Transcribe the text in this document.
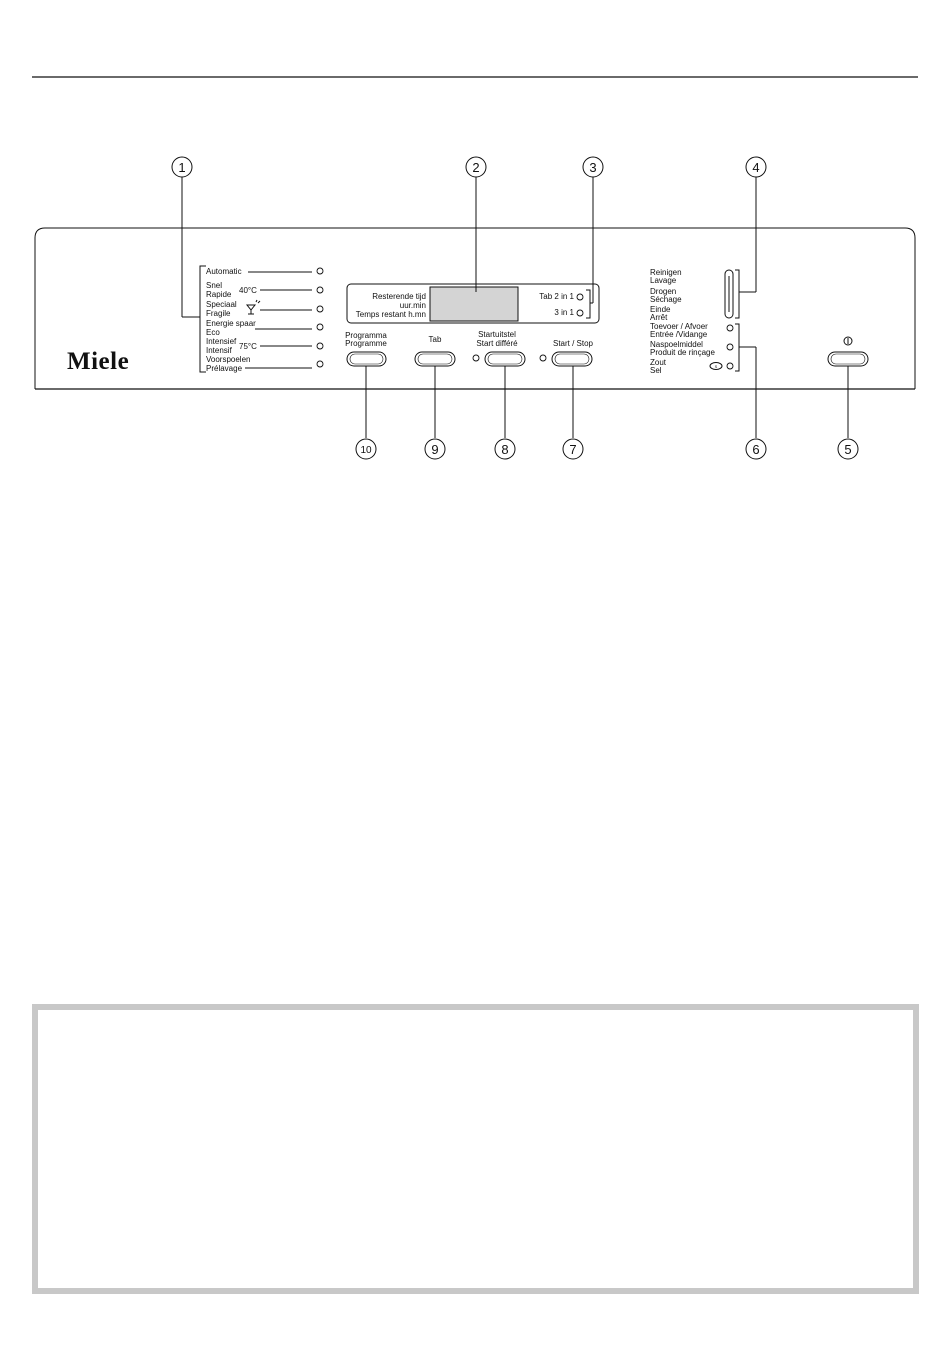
Miele
Automatic
Snel
Rapide 40°C
Speciaal
Fragile
Energie spaar
Eco
Intensief
Intensif 75°C
Voorspoelen
Prélavage
Resterende tijd
uur.min
Temps restant h.mn
Tab 2 in 1
3 in 1
Programma
Programme	Tab
Startuitstel
Start différé	Start / Stop
Reinigen
Lavage
Drogen
Séchage
Einde
Arrêt
Toevoer / Afvoer
Entrée /Vidange
Naspoelmiddel
Produit de rinçage
Zout
Sel	S
1	2	3	4
5
6
7
8
9
10
